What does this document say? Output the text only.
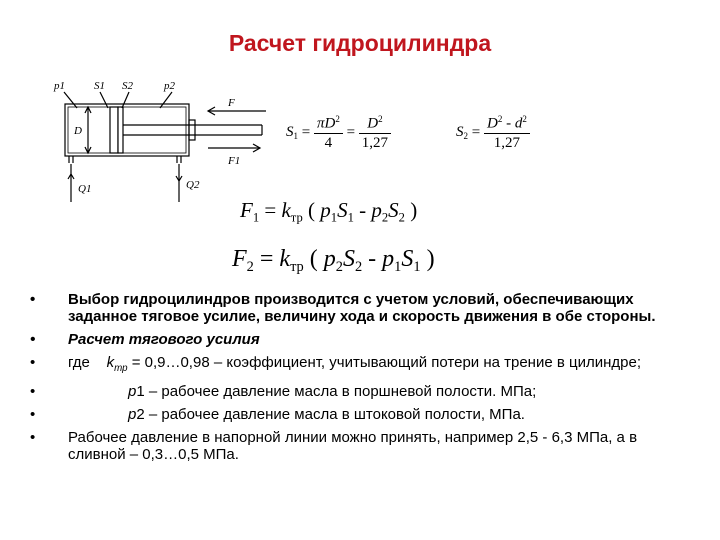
Расчет гидроцилиндра
p1	S1 S2	p2
D
F
F1
Q1	Q2
$S_1 = \frac{\pi D^2}{4} = \frac{D^2}{1,27}$	$S_2 = \frac{D^2 - d^2}{1,27}$
$F_1 = k_{тр}$ ( $p_1S_1 - p_2S_2$ )
$F_2 = k_{тр}$ ( $p_2S_2 - p_1S_1$ )
• Выбор гидроцилиндров производится с учетом условий, обеспечивающих заданное тяговое усилие, величину хода и скорость движения в обе стороны.
• Расчет тягового усилия
• где $k_{тр}$ = 0,9…0,98 – коэффициент, учитывающий потери на трение в цилиндре;
• p1 – рабочее давление масла в поршневой полости. МПа;
• p2 – рабочее давление масла в штоковой полости, МПа.
• Рабочее давление в напорной линии можно принять, например 2,5 - 6,3 МПа, а в сливной – 0,3…0,5 МПа.
